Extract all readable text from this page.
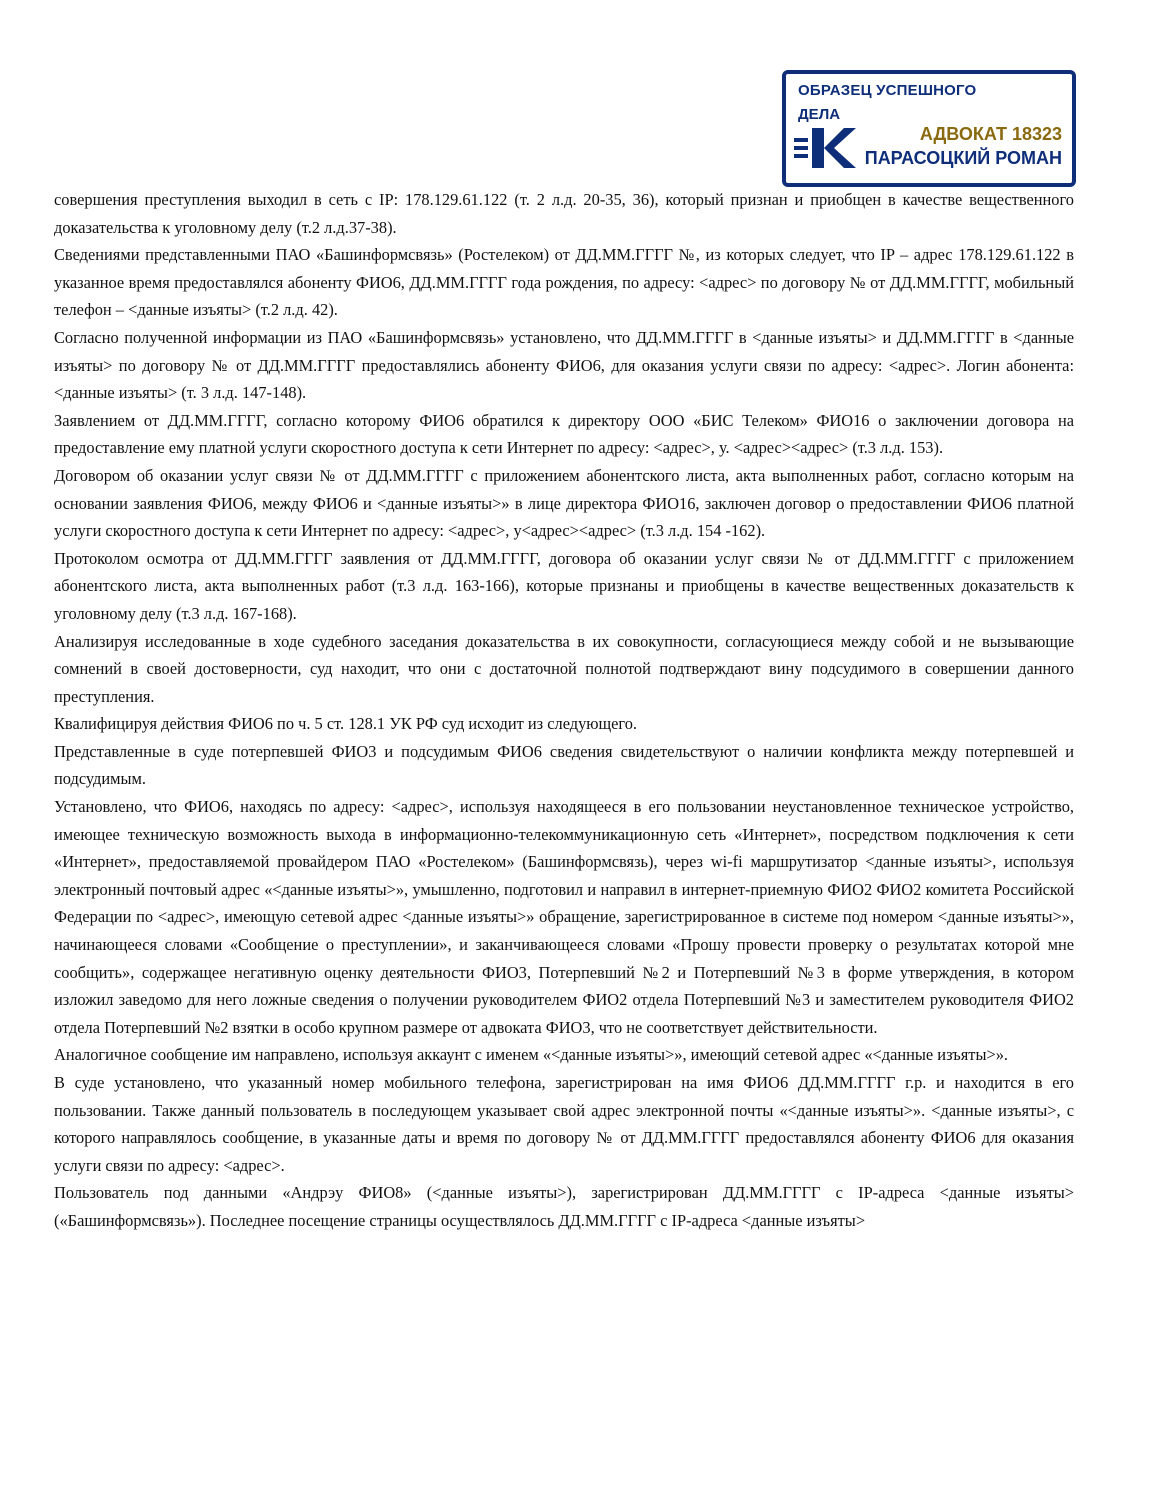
ОБРАЗЕЦ УСПЕШНОГО
ДЕЛА
АДВОКАТ 18323
ПАРАСОЦКИЙ РОМАН

совершения преступления выходил в сеть с IP: 178.129.61.122 (т. 2 л.д. 20-35, 36), который признан и приобщен в качестве вещественного доказательства к уголовному делу (т.2 л.д.37-38).

Сведениями представленными ПАО «Башинформсвязь» (Ростелеком) от ДД.ММ.ГГГГ №, из которых следует, что IP – адрес 178.129.61.122 в указанное время предоставлялся абоненту ФИО6, ДД.ММ.ГГГГ года рождения, по адресу: <адрес> по договору № от ДД.ММ.ГГГГ, мобильный телефон – <данные изъяты> (т.2 л.д. 42).

Согласно полученной информации из ПАО «Башинформсвязь» установлено, что ДД.ММ.ГГГГ в <данные изъяты> и ДД.ММ.ГГГГ в <данные изъяты> по договору № от ДД.ММ.ГГГГ предоставлялись абоненту ФИО6, для оказания услуги связи по адресу: <адрес>. Логин абонента: <данные изъяты> (т. 3 л.д. 147-148).

Заявлением от ДД.ММ.ГГГГ, согласно которому ФИО6 обратился к директору ООО «БИС Телеком» ФИО16 о заключении договора на предоставление ему платной услуги скоростного доступа к сети Интернет по адресу: <адрес>, у. <адрес><адрес> (т.3 л.д. 153).

Договором об оказании услуг связи № от ДД.ММ.ГГГГ с приложением абонентского листа, акта выполненных работ, согласно которым на основании заявления ФИО6, между ФИО6 и <данные изъяты>» в лице директора ФИО16, заключен договор о предоставлении ФИО6 платной услуги скоростного доступа к сети Интернет по адресу: <адрес>, у<адрес><адрес> (т.3 л.д. 154 -162).

Протоколом осмотра от ДД.ММ.ГГГГ заявления от ДД.ММ.ГГГГ, договора об оказании услуг связи № от ДД.ММ.ГГГГ с приложением абонентского листа, акта выполненных работ (т.3 л.д. 163-166), которые признаны и приобщены в качестве вещественных доказательств к уголовному делу (т.3 л.д. 167-168).

Анализируя исследованные в ходе судебного заседания доказательства в их совокупности, согласующиеся между собой и не вызывающие сомнений в своей достоверности, суд находит, что они с достаточной полнотой подтверждают вину подсудимого в совершении данного преступления.

Квалифицируя действия ФИО6 по ч. 5 ст. 128.1 УК РФ суд исходит из следующего.

Представленные в суде потерпевшей ФИО3 и подсудимым ФИО6 сведения свидетельствуют о наличии конфликта между потерпевшей и подсудимым.

Установлено, что ФИО6, находясь по адресу: <адрес>, используя находящееся в его пользовании неустановленное техническое устройство, имеющее техническую возможность выхода в информационно-телекоммуникационную сеть «Интернет», посредством подключения к сети «Интернет», предоставляемой провайдером ПАО «Ростелеком» (Башинформсвязь), через wi-fi маршрутизатор <данные изъяты>, используя электронный почтовый адрес «<данные изъяты>», умышленно, подготовил и направил в интернет-приемную ФИО2 ФИО2 комитета Российской Федерации по <адрес>, имеющую сетевой адрес <данные изъяты>» обращение, зарегистрированное в системе под номером <данные изъяты>», начинающееся словами «Сообщение о преступлении», и заканчивающееся словами «Прошу провести проверку о результатах которой мне сообщить», содержащее негативную оценку деятельности ФИО3, Потерпевший №2 и Потерпевший №3 в форме утверждения, в котором изложил заведомо для него ложные сведения о получении руководителем ФИО2 отдела Потерпевший №3 и заместителем руководителя ФИО2 отдела Потерпевший №2 взятки в особо крупном размере от адвоката ФИО3, что не соответствует действительности.

Аналогичное сообщение им направлено, используя аккаунт с именем «<данные изъяты>», имеющий сетевой адрес «<данные изъяты>».

В суде установлено, что указанный номер мобильного телефона, зарегистрирован на имя ФИО6 ДД.ММ.ГГГГ г.р. и находится в его пользовании. Также данный пользователь в последующем указывает свой адрес электронной почты «<данные изъяты>». <данные изъяты>, с которого направлялось сообщение, в указанные даты и время по договору № от ДД.ММ.ГГГГ предоставлялся абоненту ФИО6 для оказания услуги связи по адресу: <адрес>.

Пользователь под данными «Андрэу ФИО8» (<данные изъяты>), зарегистрирован ДД.ММ.ГГГГ с IP-адреса <данные изъяты> («Башинформсвязь»). Последнее посещение страницы осуществлялось ДД.ММ.ГГГГ с IP-адреса <данные изъяты>
